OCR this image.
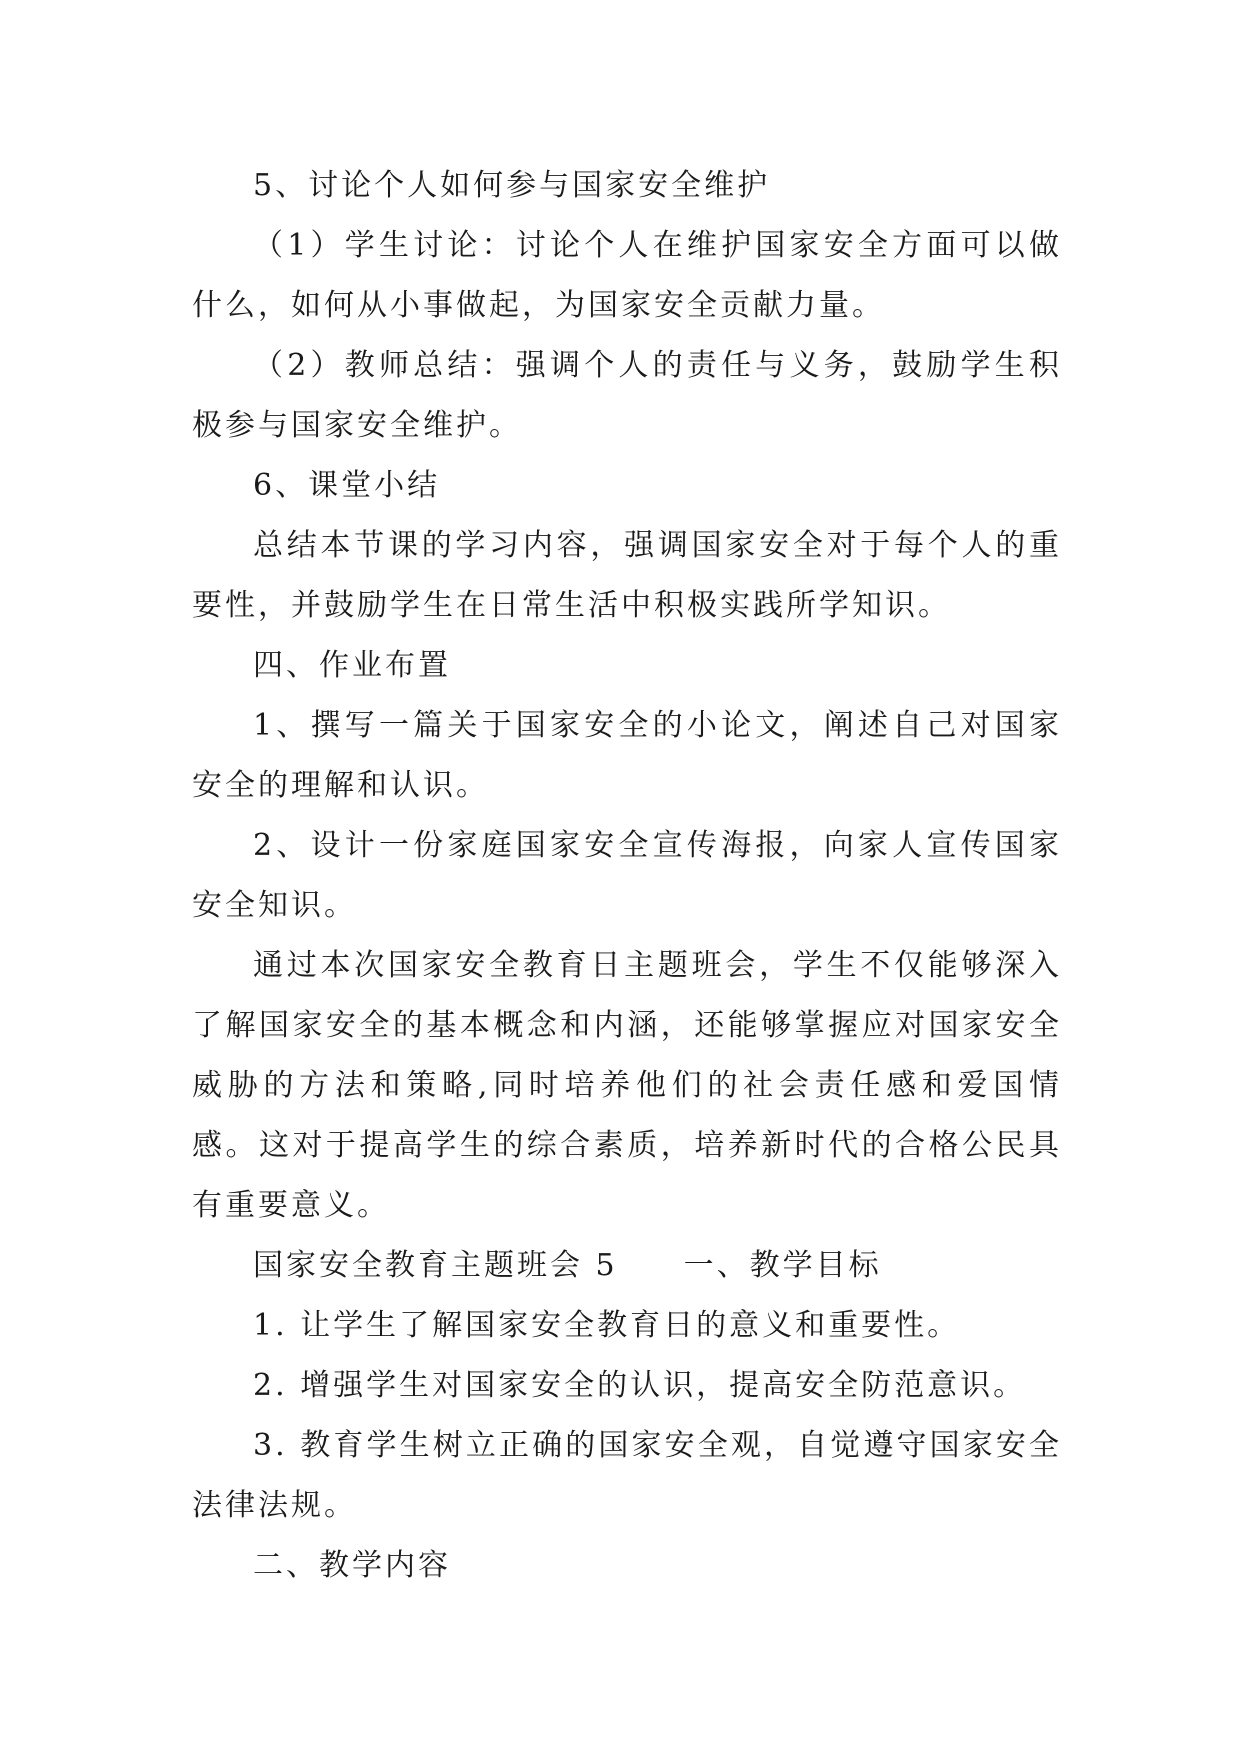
5、讨论个人如何参与国家安全维护

（1）学生讨论：讨论个人在维护国家安全方面可以做什么，如何从小事做起，为国家安全贡献力量。

（2）教师总结：强调个人的责任与义务，鼓励学生积极参与国家安全维护。

6、课堂小结

总结本节课的学习内容，强调国家安全对于每个人的重要性，并鼓励学生在日常生活中积极实践所学知识。

四、作业布置

1、撰写一篇关于国家安全的小论文，阐述自己对国家安全的理解和认识。

2、设计一份家庭国家安全宣传海报，向家人宣传国家安全知识。

通过本次国家安全教育日主题班会，学生不仅能够深入了解国家安全的基本概念和内涵，还能够掌握应对国家安全威胁的方法和策略,同时培养他们的社会责任感和爱国情感。这对于提高学生的综合素质，培养新时代的合格公民具有重要意义。

国家安全教育主题班会 5　　一、教学目标

1. 让学生了解国家安全教育日的意义和重要性。

2. 增强学生对国家安全的认识，提高安全防范意识。

3. 教育学生树立正确的国家安全观，自觉遵守国家安全法律法规。

二、教学内容
